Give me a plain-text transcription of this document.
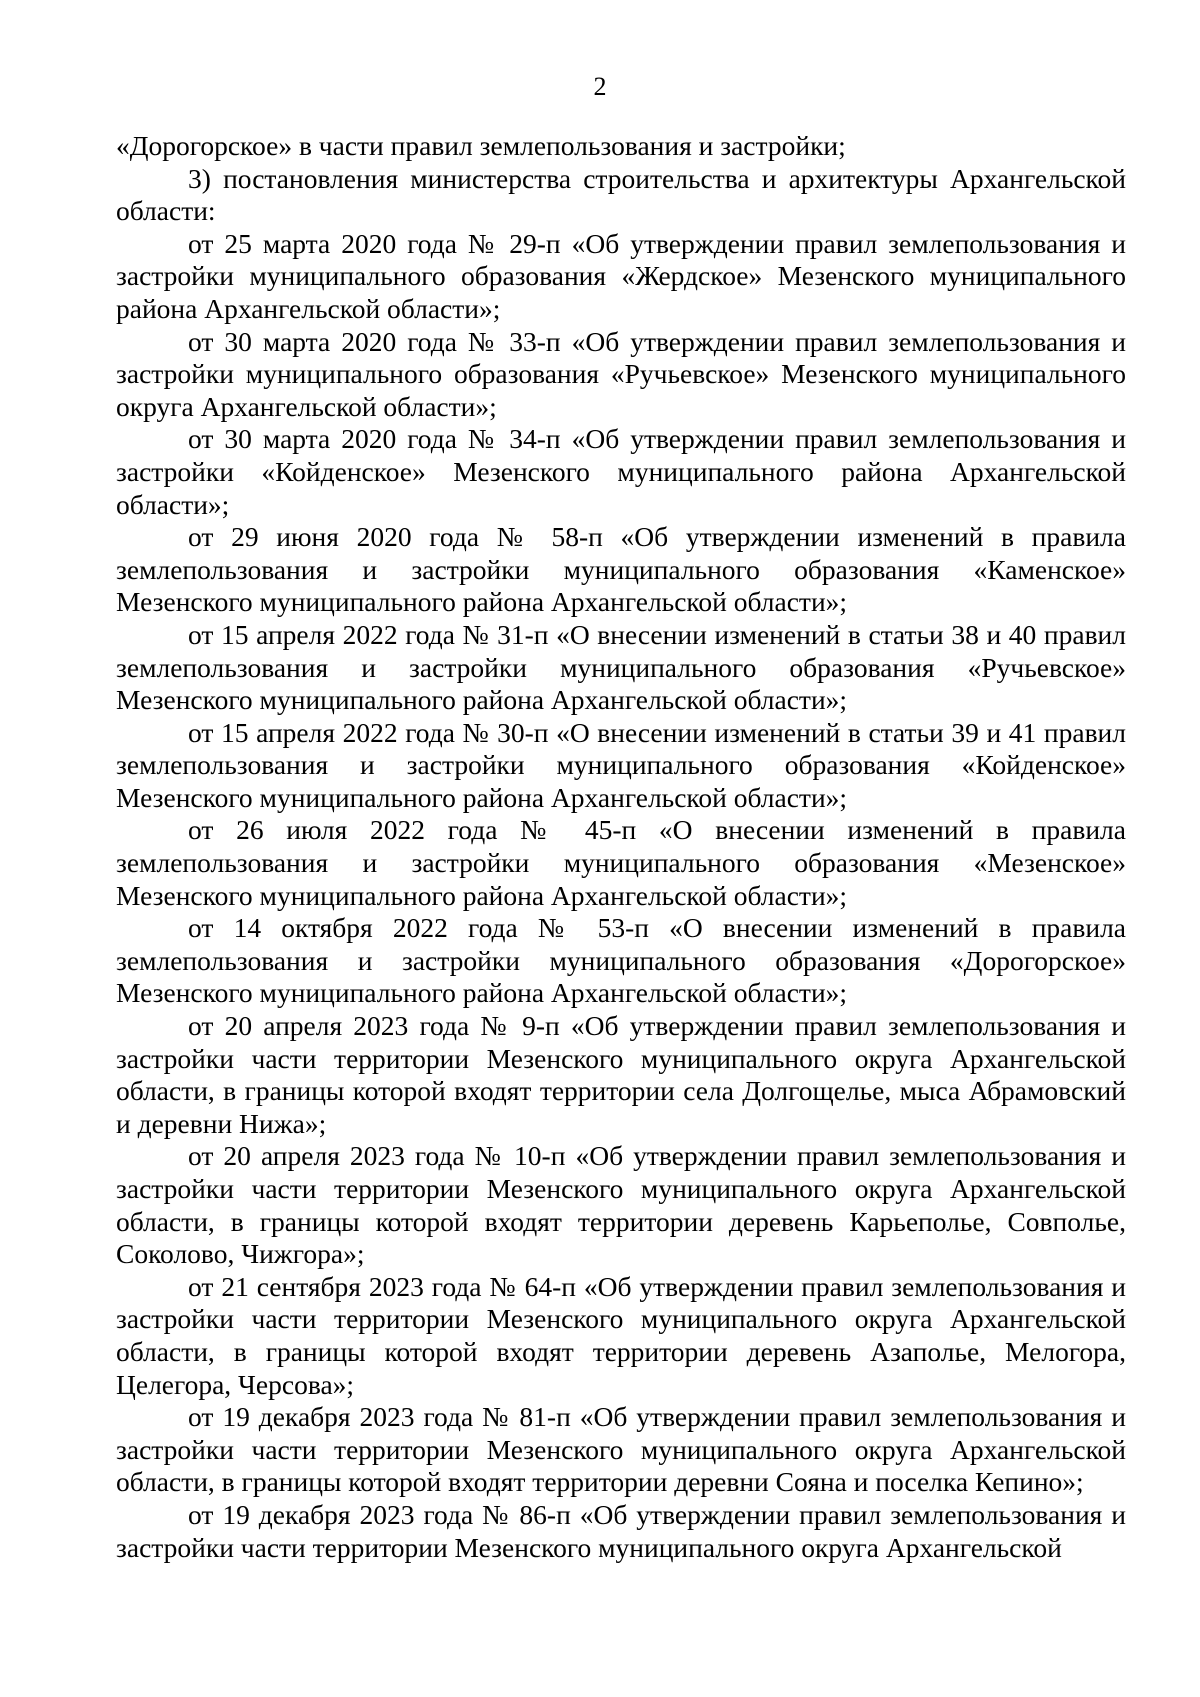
2

«Дорогорское» в части правил землепользования и застройки;

3) постановления министерства строительства и архитектуры Архангельской области:

от 25 марта 2020 года № 29-п «Об утверждении правил землепользования и застройки муниципального образования «Жердское» Мезенского муниципального района Архангельской области»;

от 30 марта 2020 года № 33-п «Об утверждении правил землепользования и застройки муниципального образования «Ручьевское» Мезенского муниципального округа Архангельской области»;

от 30 марта 2020 года № 34-п «Об утверждении правил землепользования и застройки «Койденское» Мезенского муниципального района Архангельской области»;

от 29 июня 2020 года № 58-п «Об утверждении изменений в правила землепользования и застройки муниципального образования «Каменское» Мезенского муниципального района Архангельской области»;

от 15 апреля 2022 года № 31-п «О внесении изменений в статьи 38 и 40 правил землепользования и застройки муниципального образования «Ручьевское» Мезенского муниципального района Архангельской области»;

от 15 апреля 2022 года № 30-п «О внесении изменений в статьи 39 и 41 правил землепользования и застройки муниципального образования «Койденское» Мезенского муниципального района Архангельской области»;

от 26 июля 2022 года № 45-п «О внесении изменений в правила землепользования и застройки муниципального образования «Мезенское» Мезенского муниципального района Архангельской области»;

от 14 октября 2022 года № 53-п «О внесении изменений в правила землепользования и застройки муниципального образования «Дорогорское» Мезенского муниципального района Архангельской области»;

от 20 апреля 2023 года № 9-п «Об утверждении правил землепользования и застройки части территории Мезенского муниципального округа Архангельской области, в границы которой входят территории села Долгощелье, мыса Абрамовский и деревни Нижа»;

от 20 апреля 2023 года № 10-п «Об утверждении правил землепользования и застройки части территории Мезенского муниципального округа Архангельской области, в границы которой входят территории деревень Карьеполье, Совполье, Соколово, Чижгора»;

от 21 сентября 2023 года № 64-п «Об утверждении правил землепользования и застройки части территории Мезенского муниципального округа Архангельской области, в границы которой входят территории деревень Азаполье, Мелогора, Целегора, Черсова»;

от 19 декабря 2023 года № 81-п «Об утверждении правил землепользования и застройки части территории Мезенского муниципального округа Архангельской области, в границы которой входят территории деревни Сояна и поселка Кепино»;

от 19 декабря 2023 года № 86-п «Об утверждении правил землепользования и застройки части территории Мезенского муниципального округа Архангельской
